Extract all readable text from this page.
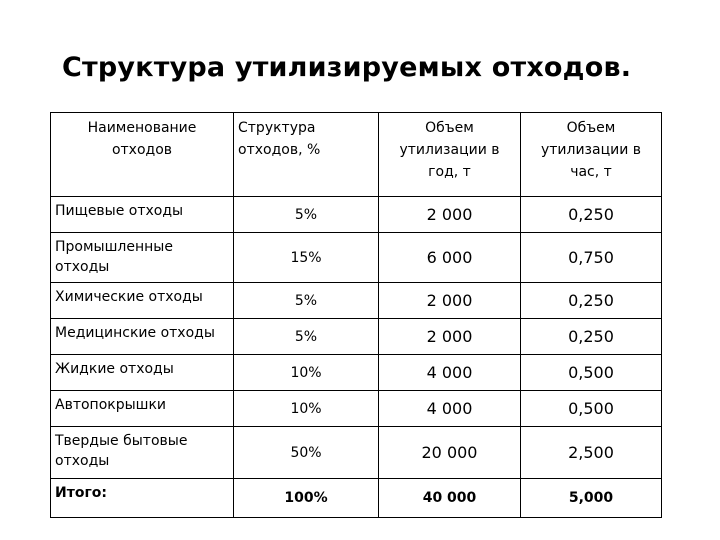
Структура утилизируемых отходов.
Наименование отходов	Структура отходов, %	Объем утилизации в год, т	Объем утилизации в час, т
Пищевые отходы	5%	2 000	0,250
Промышленные отходы	15%	6 000	0,750
Химические отходы	5%	2 000	0,250
Медицинские отходы	5%	2 000	0,250
Жидкие отходы	10%	4 000	0,500
Автопокрышки	10%	4 000	0,500
Твердые бытовые отходы	50%	20 000	2,500
Итого:	100%	40 000	5,000
